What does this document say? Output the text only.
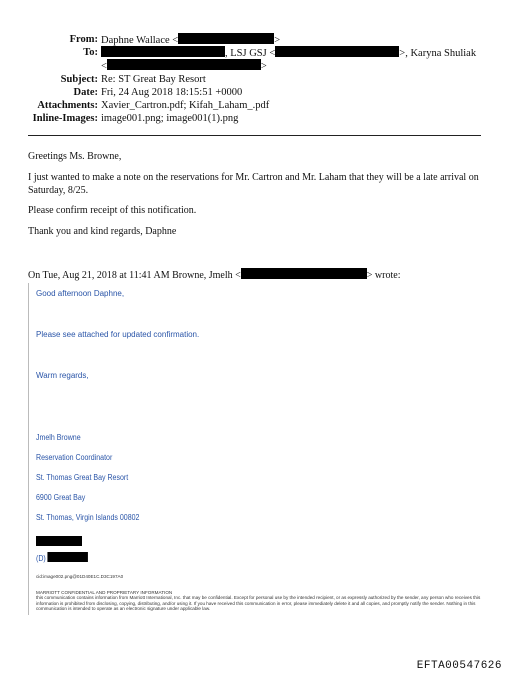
From: Daphne Wallace <	>
To:	, LSJ GSJ <	>, Karyna Shuliak
<	>
Subject: Re: ST Great Bay Resort
Date: Fri, 24 Aug 2018 18:15:51 +0000
Attachments: Xavier_Cartron.pdf; Kifah_Laham_.pdf
Inline-Images: image001.png; image001(1).png
Greetings Ms. Browne,
I just wanted to make a note on the reservations for Mr. Cartron and Mr. Laham that they will be a late arrival on Saturday, 8/25.
Please confirm receipt of this notification.
Thank you and kind regards, Daphne
On Tue, Aug 21, 2018 at 11:41 AM Browne, Jmelh <	> wrote:
Good afternoon Daphne,
Please see attached for updated confirmation.
Warm regards,
Jmelh Browne
Reservation Coordinator
St. Thomas Great Bay Resort
6900 Great Bay
St. Thomas, Virgin Islands 00802
(D)
cid:image002.png@01D40E1C.D3C197A0
MARRIOTT CONFIDENTIAL AND PROPRIETARY INFORMATION
this communication contains information from Marriott International, Inc. that may be confidential. Except for personal use by the intended recipient, or as expressly authorized by the sender, any person who receives this information is prohibited from disclosing, copying, distributing, and/or using it. If you have received this communication in error, please immediately delete it and all copies, and promptly notify the sender. Nothing in this communication is intended to operate as an electronic signature under applicable law.
EFTA00547626
